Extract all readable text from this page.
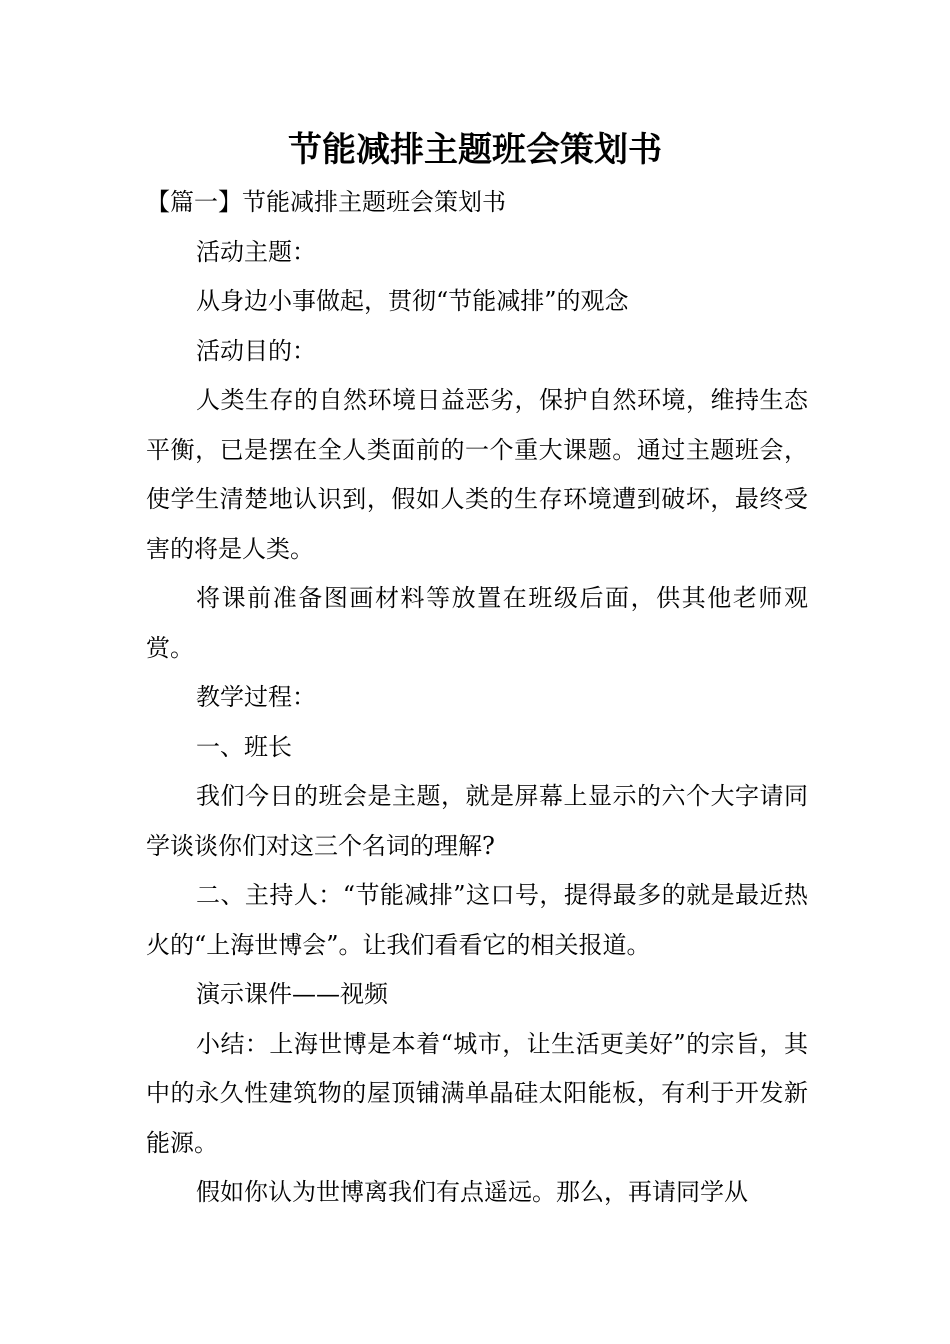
节能减排主题班会策划书

【篇一】节能减排主题班会策划书

活动主题：

从身边小事做起，贯彻“节能减排”的观念

活动目的：

人类生存的自然环境日益恶劣，保护自然环境，维持生态平衡，已是摆在全人类面前的一个重大课题。通过主题班会，使学生清楚地认识到，假如人类的生存环境遭到破坏，最终受害的将是人类。

将课前准备图画材料等放置在班级后面，供其他老师观赏。

教学过程：

一、班长

我们今日的班会是主题，就是屏幕上显示的六个大字请同学谈谈你们对这三个名词的理解?

二、主持人：“节能减排”这口号，提得最多的就是最近热火的“上海世博会”。让我们看看它的相关报道。

演示课件——视频

小结：上海世博是本着“城市，让生活更美好”的宗旨，其中的永久性建筑物的屋顶铺满单晶硅太阳能板，有利于开发新能源。

假如你认为世博离我们有点遥远。那么，再请同学从
